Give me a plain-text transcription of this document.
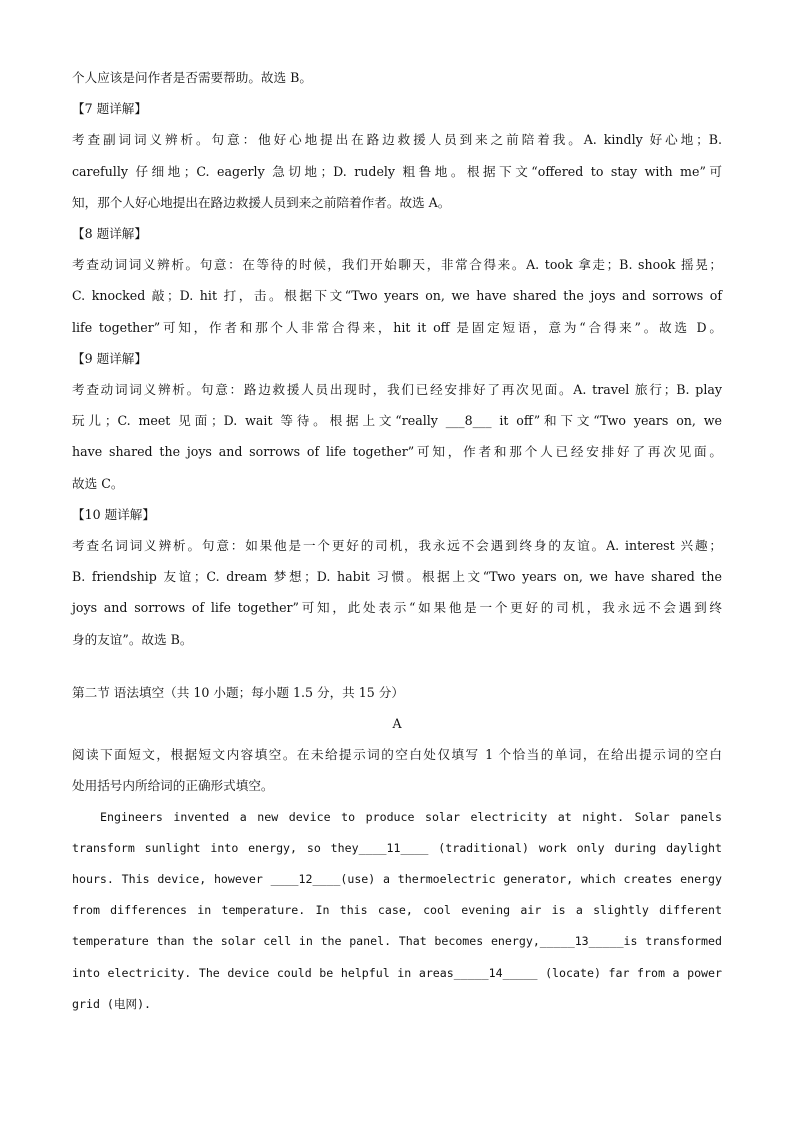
个人应该是问作者是否需要帮助。故选 B。

【7 题详解】

考查副词词义辨析。句意：他好心地提出在路边救援人员到来之前陪着我。A. kindly 好心地；B.

carefully 仔细地；C. eagerly 急切地；D. rudely 粗鲁地。根据下文“offered to stay with me”可

知，那个人好心地提出在路边救援人员到来之前陪着作者。故选 A。

【8 题详解】

考查动词词义辨析。句意：在等待的时候，我们开始聊天，非常合得来。A. took 拿走；B. shook 摇晃；

C. knocked 敲；D. hit 打，击。根据下文“Two years on, we have shared the joys and sorrows of

life together”可知，作者和那个人非常合得来，hit it off 是固定短语，意为“合得来”。故选 D。

【9 题详解】

考查动词词义辨析。句意：路边救援人员出现时，我们已经安排好了再次见面。A. travel 旅行；B. play

玩儿；C. meet 见面；D. wait 等待。根据上文“really ___8___ it off”和下文“Two years on, we

have shared the joys and sorrows of life together”可知，作者和那个人已经安排好了再次见面。

故选 C。

【10 题详解】

考查名词词义辨析。句意：如果他是一个更好的司机，我永远不会遇到终身的友谊。A. interest 兴趣；

B. friendship 友谊；C. dream 梦想；D. habit 习惯。根据上文“Two years on, we have shared the

joys and sorrows of life together”可知，此处表示“如果他是一个更好的司机，我永远不会遇到终

身的友谊”。故选 B。

第二节 语法填空（共 10 小题；每小题 1.5 分，共 15 分）

A

阅读下面短文，根据短文内容填空。在未给提示词的空白处仅填写 1 个恰当的单词，在给出提示词的空白

处用括号内所给词的正确形式填空。

Engineers invented a new device to produce solar electricity at night. Solar panels

transform sunlight into energy, so they____11____ (traditional) work only during daylight

hours. This device, however ____12____(use) a thermoelectric generator, which creates energy

from differences in temperature. In this case, cool evening air is a slightly different

temperature than the solar cell in the panel. That becomes energy,_____13_____is transformed

into electricity. The device could be helpful in areas_____14_____ (locate) far from a power

grid (电网).
